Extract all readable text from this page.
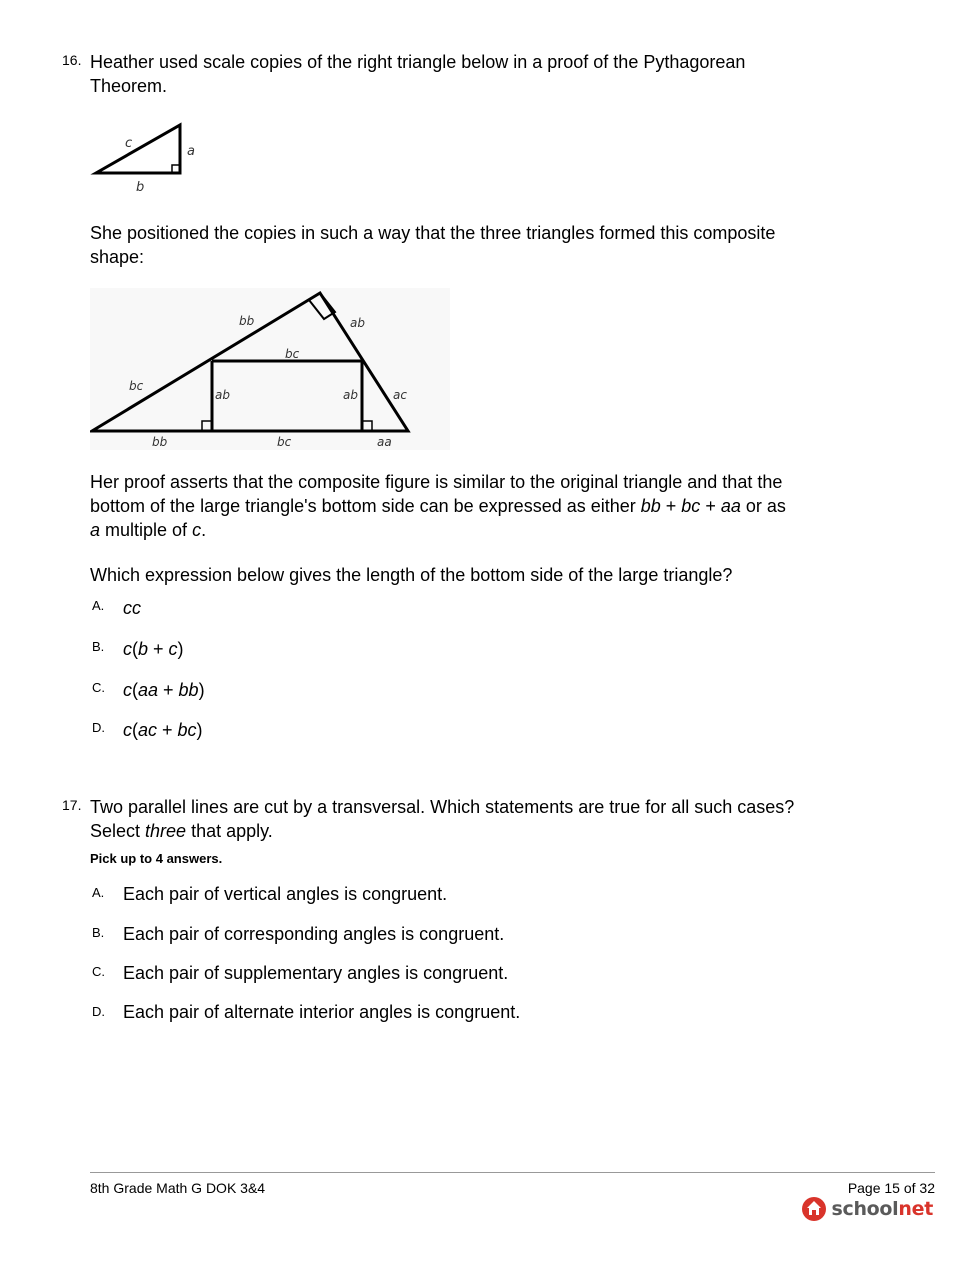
16. Heather used scale copies of the right triangle below in a proof of the Pythagorean
Theorem.
c
a
b
She positioned the copies in such a way that the three triangles formed this composite
shape:
bb	ab
bc
bc
ab	ab	ac
bb	bc	aa
Her proof asserts that the composite figure is similar to the original triangle and that the
bottom of the large triangle's bottom side can be expressed as either bb + bc + aa or as
a multiple of c.
Which expression below gives the length of the bottom side of the large triangle?
A. cc
B. c(b + c)
C. c(aa + bb)
D. c(ac + bc)
17. Two parallel lines are cut by a transversal. Which statements are true for all such cases?
Select three that apply.
Pick up to 4 answers.
A. Each pair of vertical angles is congruent.
B. Each pair of corresponding angles is congruent.
C. Each pair of supplementary angles is congruent.
D. Each pair of alternate interior angles is congruent.
8th Grade Math G DOK 3&4	Page 15 of 32
school net
